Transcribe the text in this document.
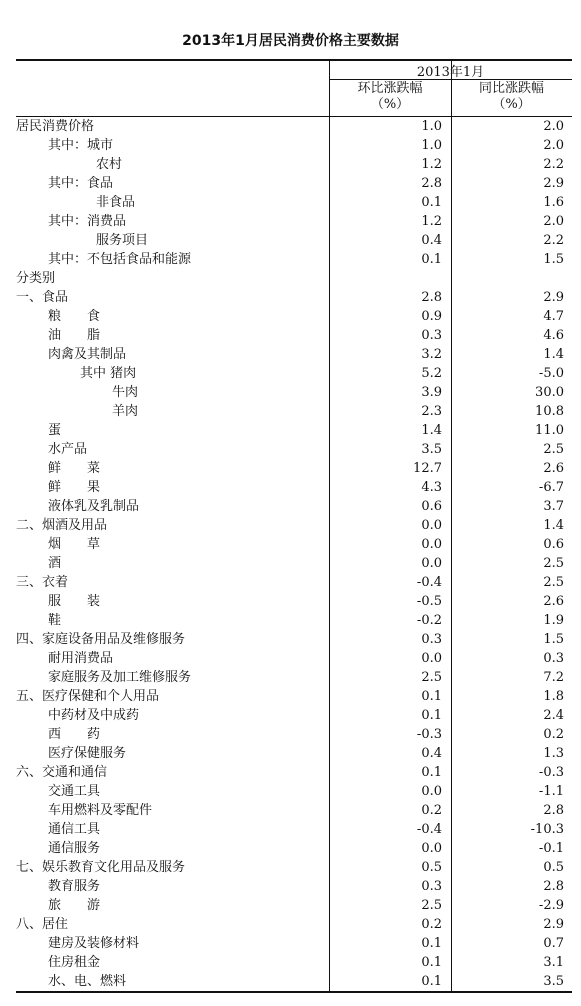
2013年1月居民消费价格主要数据
2013年1月
环比涨跌幅
（%）
同比涨跌幅
（%）
居民消费价格	1.0	2.0
其中：城市	1.0	2.0
农村	1.2	2.2
其中：食品	2.8	2.9
非食品	0.1	1.6
其中：消费品	1.2	2.0
服务项目	0.4	2.2
其中：不包括食品和能源	0.1	1.5
分类别
一、食品	2.8	2.9
粮　　食	0.9	4.7
油　　脂	0.3	4.6
肉禽及其制品	3.2	1.4
其中 猪肉	5.2	-5.0
牛肉	3.9	30.0
羊肉	2.3	10.8
蛋	1.4	11.0
水产品	3.5	2.5
鲜　　菜	12.7	2.6
鲜　　果	4.3	-6.7
液体乳及乳制品	0.6	3.7
二、烟酒及用品	0.0	1.4
烟　　草	0.0	0.6
酒	0.0	2.5
三、衣着	-0.4	2.5
服　　装	-0.5	2.6
鞋	-0.2	1.9
四、家庭设备用品及维修服务	0.3	1.5
耐用消费品	0.0	0.3
家庭服务及加工维修服务	2.5	7.2
五、医疗保健和个人用品	0.1	1.8
中药材及中成药	0.1	2.4
西　　药	-0.3	0.2
医疗保健服务	0.4	1.3
六、交通和通信	0.1	-0.3
交通工具	0.0	-1.1
车用燃料及零配件	0.2	2.8
通信工具	-0.4	-10.3
通信服务	0.0	-0.1
七、娱乐教育文化用品及服务	0.5	0.5
教育服务	0.3	2.8
旅　　游	2.5	-2.9
八、居住	0.2	2.9
建房及装修材料	0.1	0.7
住房租金	0.1	3.1
水、电、燃料	0.1	3.5
